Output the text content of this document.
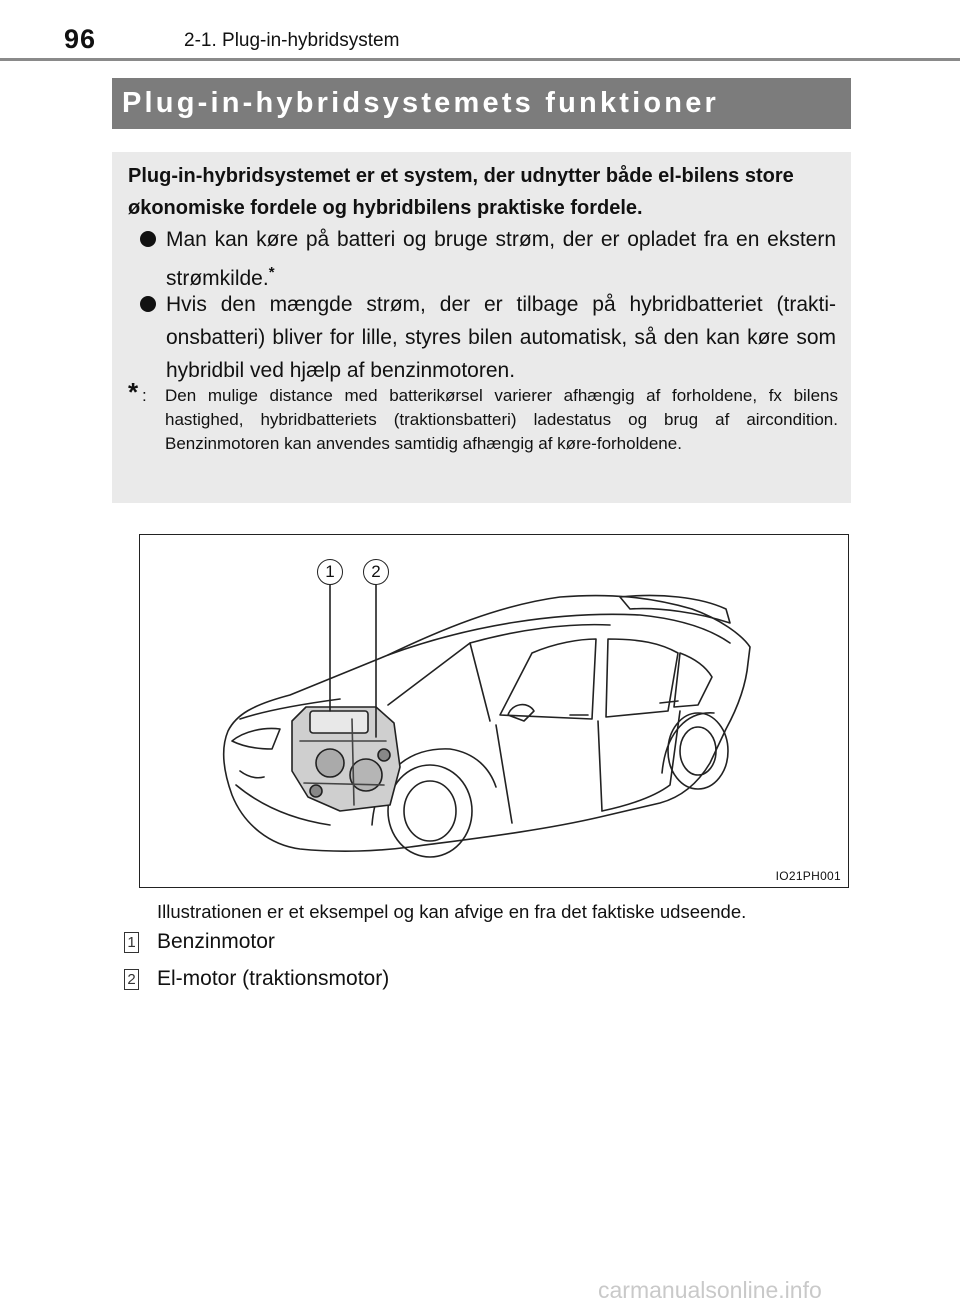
96	2-1. Plug-in-hybridsystem
Plug-in-hybridsystemets funktioner
Plug-in-hybridsystemet er et system, der udnytter både el-bilens store økonomiske fordele og hybridbilens praktiske fordele.
Man kan køre på batteri og bruge strøm, der er opladet fra en ekstern strømkilde.*
Hvis den mængde strøm, der er tilbage på hybridbatteriet (trakti-onsbatteri) bliver for lille, styres bilen automatisk, så den kan køre som hybridbil ved hjælp af benzinmotoren.
* : Den mulige distance med batterikørsel varierer afhængig af forholdene, fx bilens hastighed, hybridbatteriets (traktionsbatteri) ladestatus og brug af aircondition. Benzinmotoren kan anvendes samtidig afhængig af køre-forholdene.
1	2
IO21PH001
Illustrationen er et eksempel og kan afvige en fra det faktiske udseende.
1 Benzinmotor
2 El-motor (traktionsmotor)
carmanualsonline.info
